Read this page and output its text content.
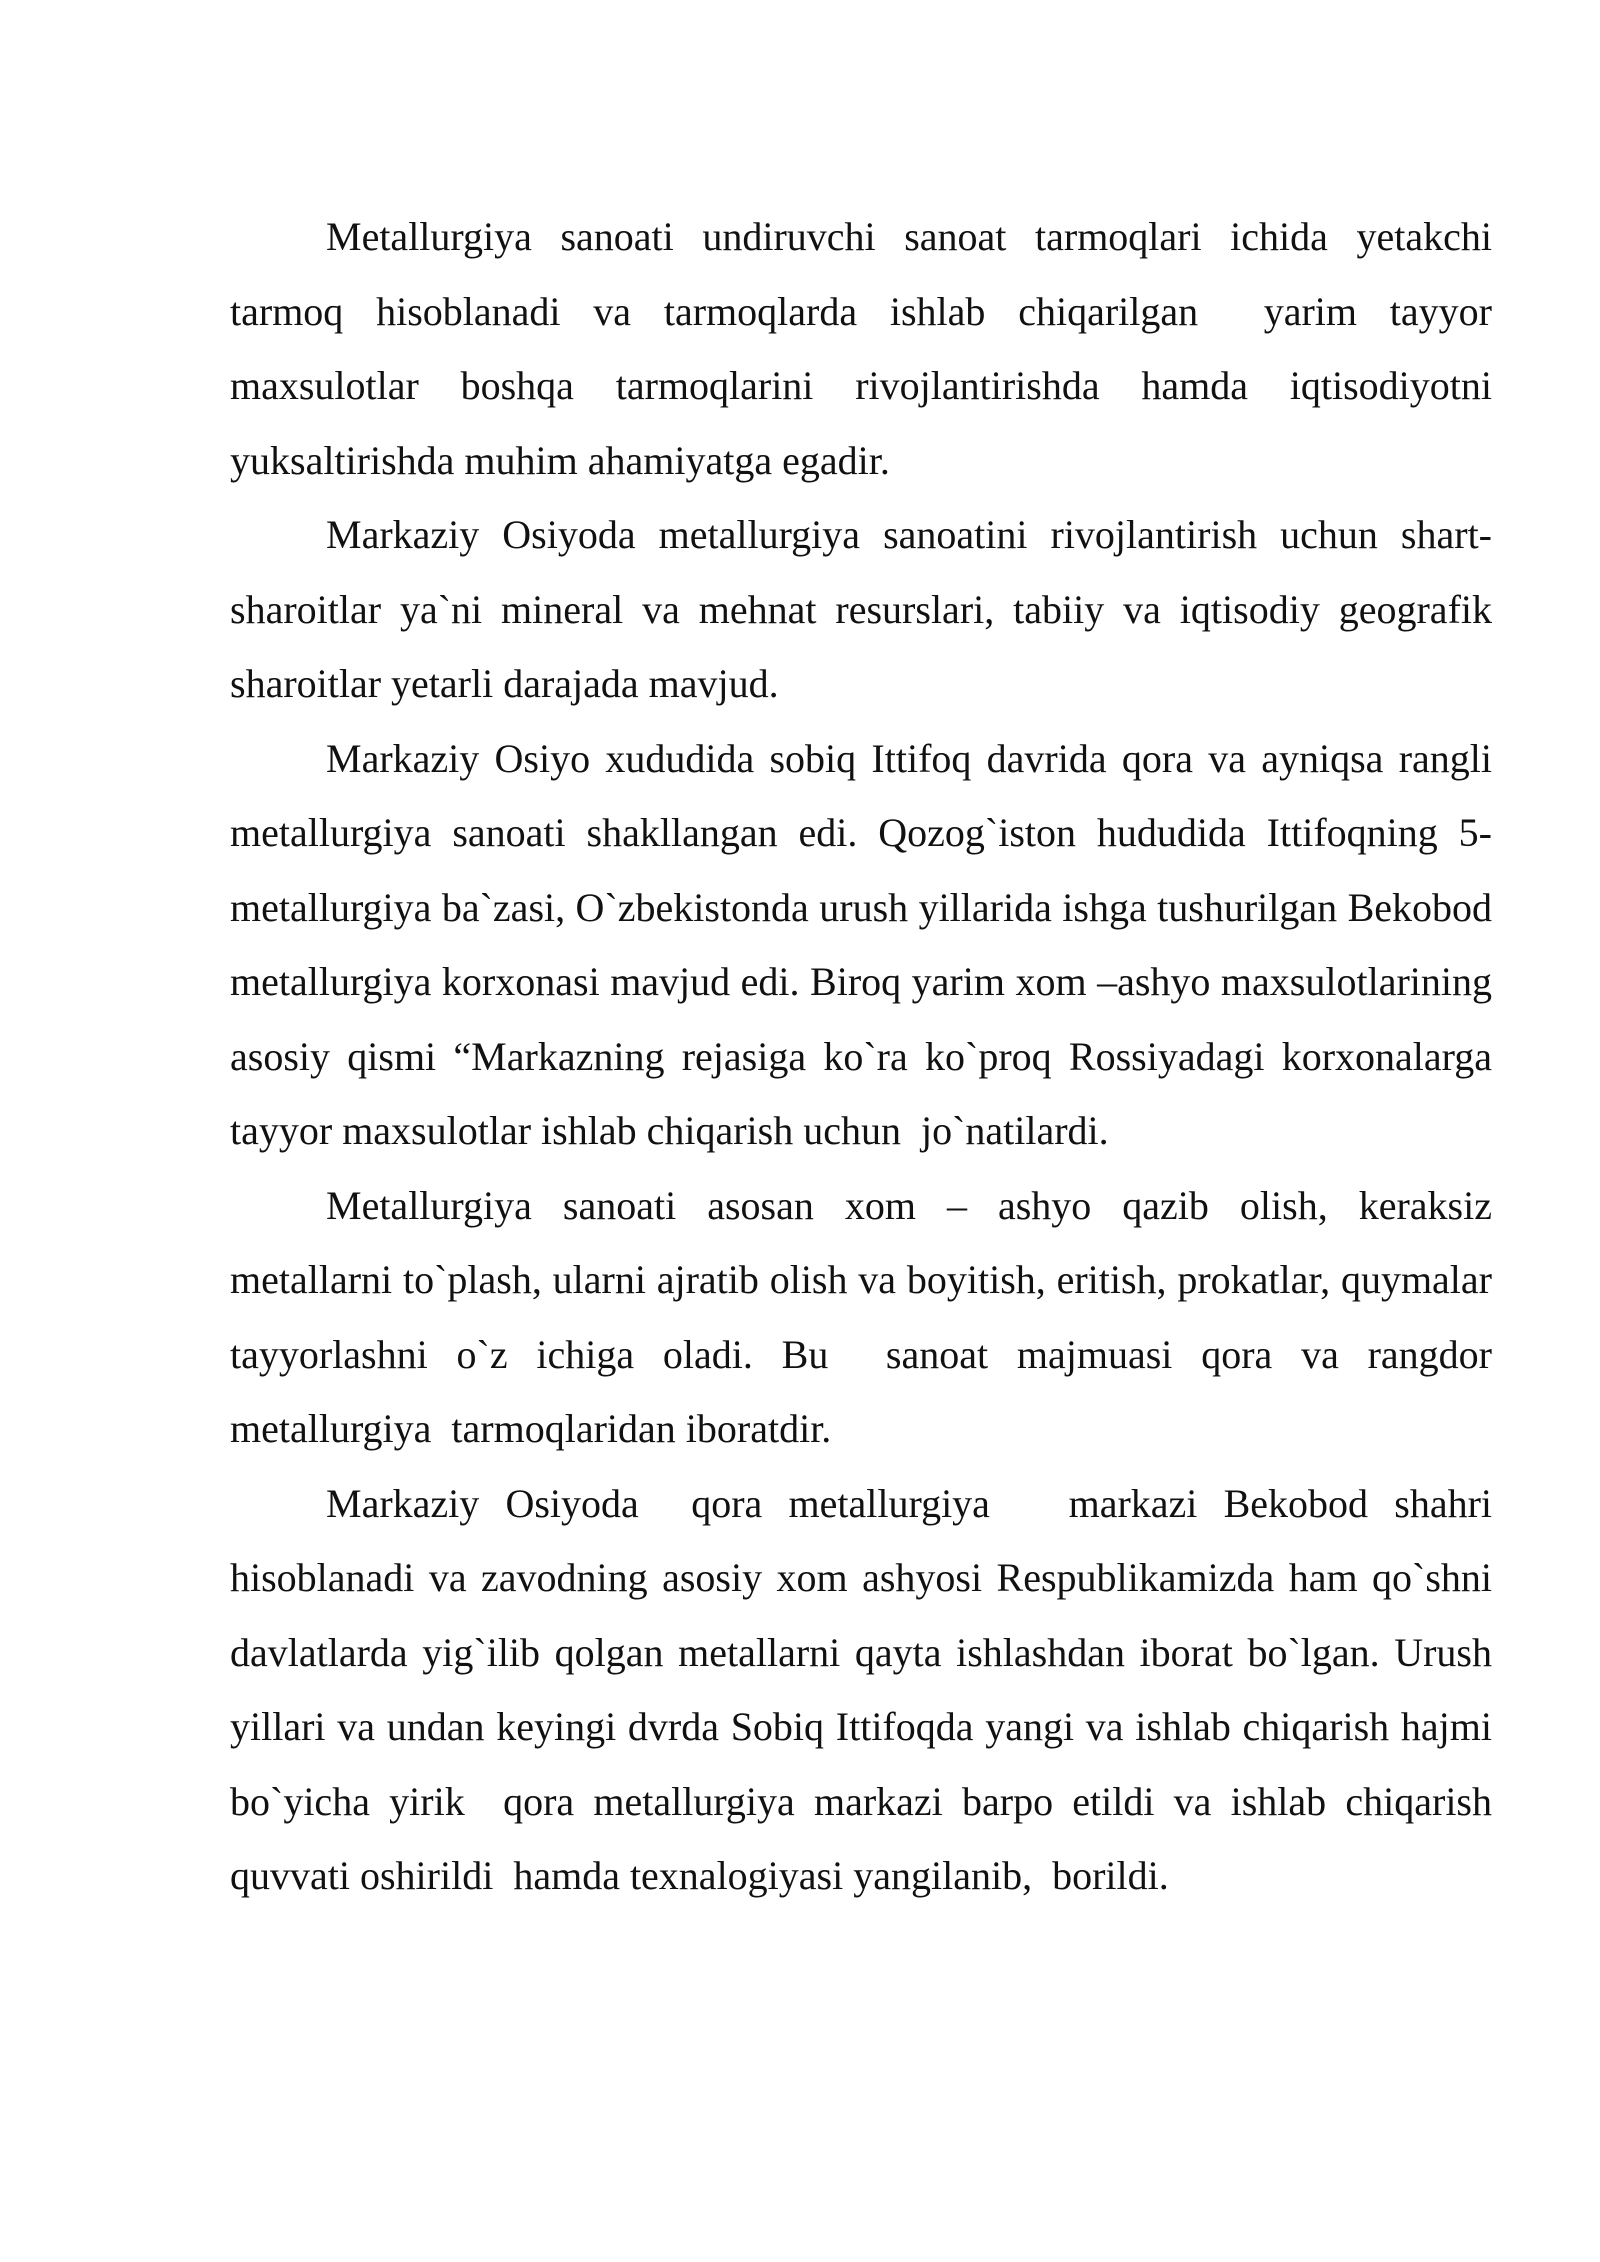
Metallurgiya sanoati undiruvchi sanoat tarmoqlari ichida yetakchi tarmoq hisoblanadi va tarmoqlarda ishlab chiqarilgan  yarim tayyor maxsulotlar boshqa tarmoqlarini rivojlantirishda hamda iqtisodiyotni yuksaltirishda muhim ahamiyatga egadir.

Markaziy Osiyoda metallurgiya sanoatini rivojlantirish uchun shart-sharoitlar ya`ni mineral va mehnat resurslari, tabiiy va iqtisodiy geografik sharoitlar yetarli darajada mavjud.

Markaziy Osiyo xududida sobiq Ittifoq davrida qora va ayniqsa rangli metallurgiya sanoati shakllangan edi. Qozog`iston hududida Ittifoqning 5- metallurgiya ba`zasi, O`zbekistonda urush yillarida ishga tushurilgan Bekobod metallurgiya korxonasi mavjud edi. Biroq yarim xom –ashyo maxsulotlarining asosiy qismi “Markazning rejasiga ko`ra ko`proq Rossiyadagi korxonalarga tayyor maxsulotlar ishlab chiqarish uchun  jo`natilardi.

Metallurgiya sanoati asosan xom – ashyo qazib olish, keraksiz metallarni to`plash, ularni ajratib olish va boyitish, eritish, prokatlar, quymalar tayyorlashni o`z ichiga oladi. Bu  sanoat majmuasi qora va rangdor metallurgiya  tarmoqlaridan iboratdir.

Markaziy Osiyoda  qora metallurgiya   markazi Bekobod shahri hisoblanadi va zavodning asosiy xom ashyosi Respublikamizda ham qo`shni davlatlarda yig`ilib qolgan metallarni qayta ishlashdan iborat bo`lgan. Urush yillari va undan keyingi dvrda Sobiq Ittifoqda yangi va ishlab chiqarish hajmi bo`yicha yirik  qora metallurgiya markazi barpo etildi va ishlab chiqarish quvvati oshirildi  hamda texnalogiyasi yangilanib,  borildi.
